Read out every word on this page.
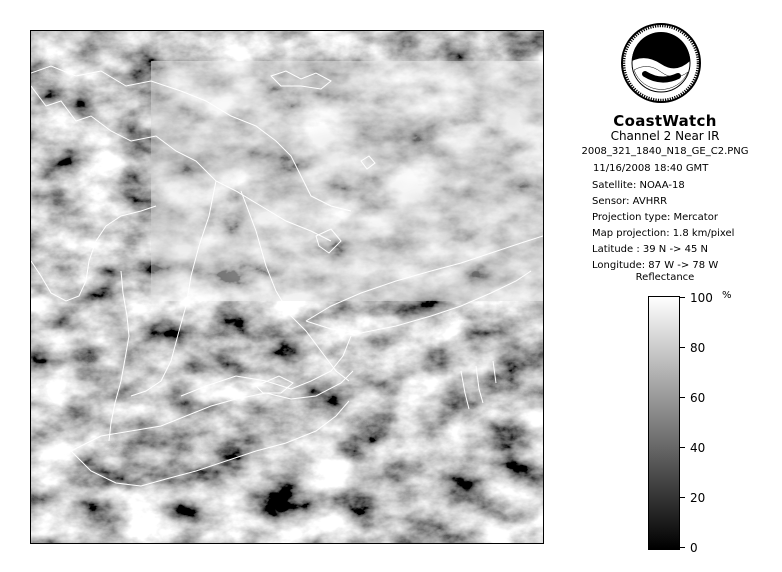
CoastWatch
Channel 2 Near IR
2008_321_1840_N18_GE_C2.PNG
11/16/2008 18:40 GMT
Satellite: NOAA-18
Sensor: AVHRR
Projection type: Mercator
Map projection: 1.8 km/pixel
Latitude : 39 N -> 45 N
Longitude: 87 W -> 78 W
Reflectance
%
100
80
60
40
20
0
